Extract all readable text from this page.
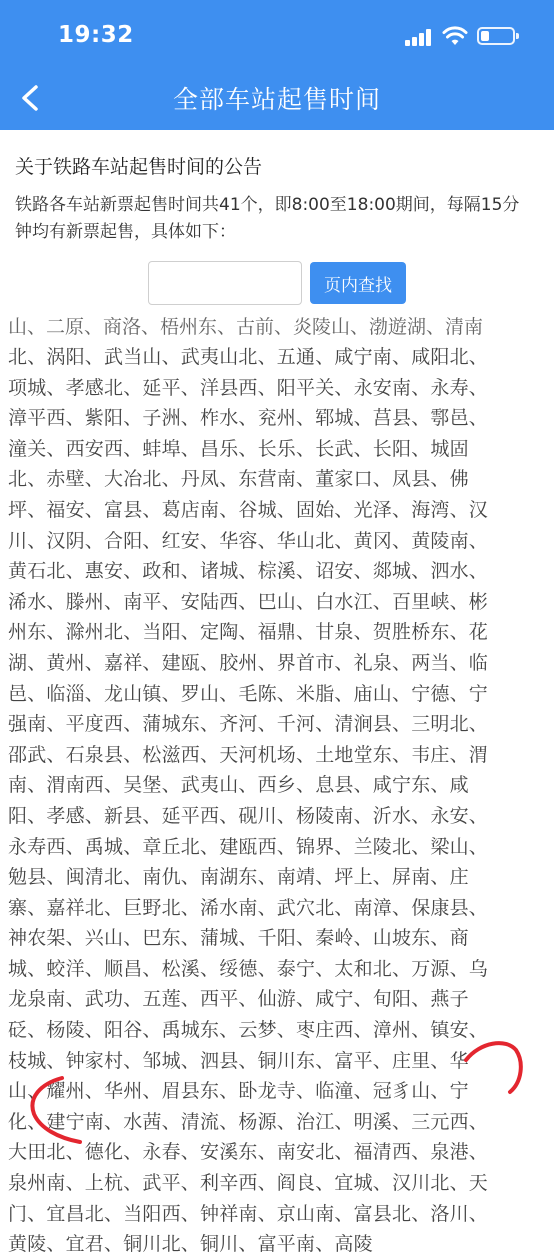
19:32
全部车站起售时间
关于铁路车站起售时间的公告
铁路各车站新票起售时间共41个，即8:00至18:00期间，每隔15分钟均有新票起售，具体如下：
页内查找
山、二原、商洛、梧州东、古前、炎陵山、渤遊湖、清南
北、涡阳、武当山、武夷山北、五通、咸宁南、咸阳北、
项城、孝感北、延平、洋县西、阳平关、永安南、永寿、
漳平西、紫阳、子洲、柞水、兖州、郓城、莒县、鄠邑、
潼关、西安西、蚌埠、昌乐、长乐、长武、长阳、城固
北、赤壁、大冶北、丹凤、东营南、董家口、凤县、佛
坪、福安、富县、葛店南、谷城、固始、光泽、海湾、汉
川、汉阴、合阳、红安、华容、华山北、黄冈、黄陵南、
黄石北、惠安、政和、诸城、棕溪、诏安、郯城、泗水、
浠水、滕州、南平、安陆西、巴山、白水江、百里峡、彬
州东、滁州北、当阳、定陶、福鼎、甘泉、贺胜桥东、花
湖、黄州、嘉祥、建瓯、胶州、界首市、礼泉、两当、临
邑、临淄、龙山镇、罗山、毛陈、米脂、庙山、宁德、宁
强南、平度西、蒲城东、齐河、千河、清涧县、三明北、
邵武、石泉县、松滋西、天河机场、土地堂东、韦庄、渭
南、渭南西、吴堡、武夷山、西乡、息县、咸宁东、咸
阳、孝感、新县、延平西、砚川、杨陵南、沂水、永安、
永寿西、禹城、章丘北、建瓯西、锦界、兰陵北、梁山、
勉县、闽清北、南仇、南湖东、南靖、坪上、屏南、庄
寨、嘉祥北、巨野北、浠水南、武穴北、南漳、保康县、
神农架、兴山、巴东、蒲城、千阳、秦岭、山坡东、商
城、蛟洋、顺昌、松溪、绥德、泰宁、太和北、万源、乌
龙泉南、武功、五莲、西平、仙游、咸宁、旬阳、燕子
砭、杨陵、阳谷、禹城东、云梦、枣庄西、漳州、镇安、
枝城、钟家村、邹城、泗县、铜川东、富平、庄里、华
山、耀州、华州、眉县东、卧龙寺、临潼、冠豸山、宁
化、建宁南、水茜、清流、杨源、治江、明溪、三元西、
大田北、德化、永春、安溪东、南安北、福清西、泉港、
泉州南、上杭、武平、利辛西、阎良、宜城、汉川北、天
门、宜昌北、当阳西、钟祥南、京山南、富县北、洛川、
黄陵、宜君、铜川北、铜川、富平南、高陵
